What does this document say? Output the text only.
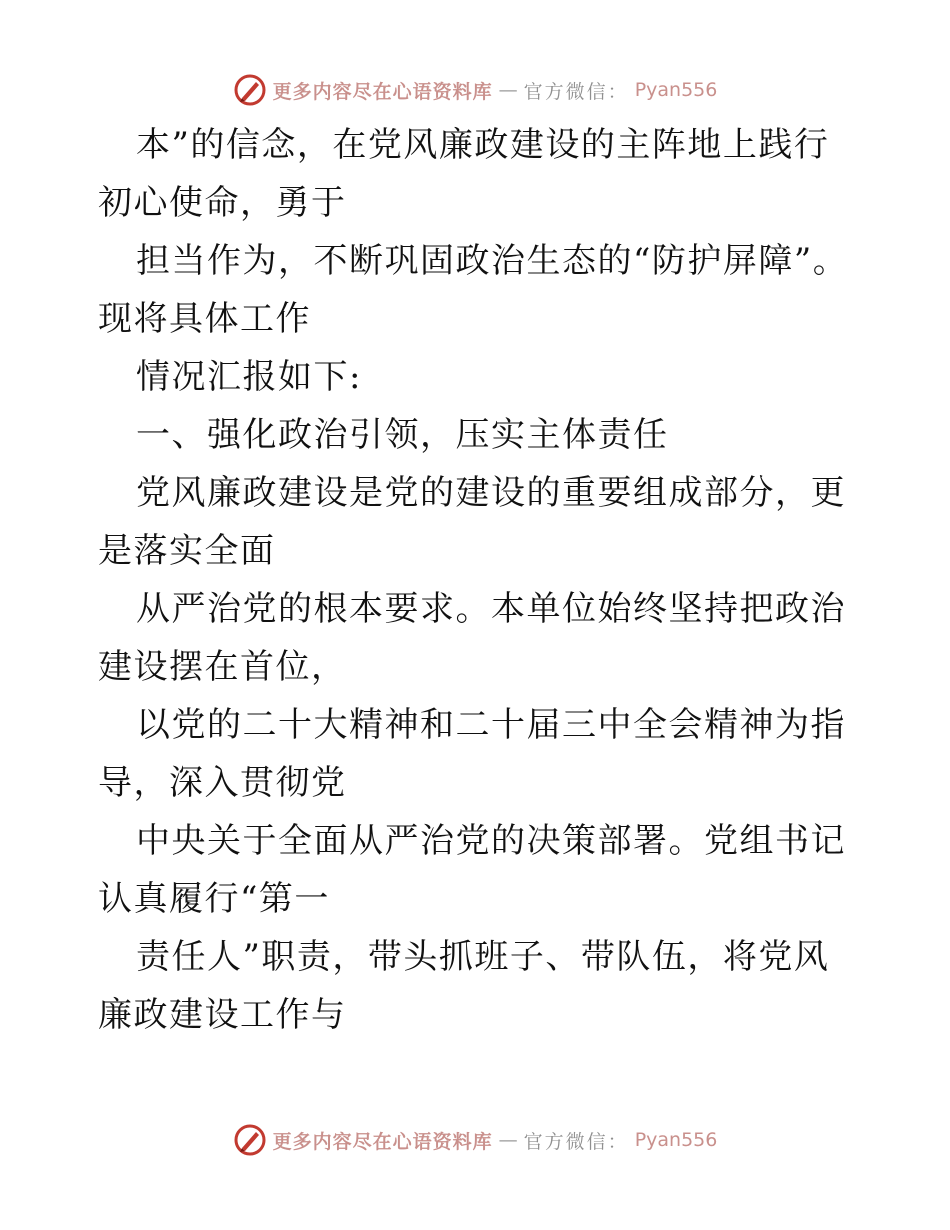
更多内容尽在心语资料库 — 官方微信： Pyan556

本”的信念，在党风廉政建设的主阵地上践行初心使命，勇于

担当作为，不断巩固政治生态的“防护屏障”。现将具体工作

情况汇报如下:

一、强化政治引领，压实主体责任

党风廉政建设是党的建设的重要组成部分，更是落实全面

从严治党的根本要求。本单位始终坚持把政治建设摆在首位，

以党的二十大精神和二十届三中全会精神为指导，深入贯彻党

中央关于全面从严治党的决策部署。党组书记认真履行“第一

责任人”职责，带头抓班子、带队伍，将党风廉政建设工作与

更多内容尽在心语资料库 — 官方微信： Pyan556
